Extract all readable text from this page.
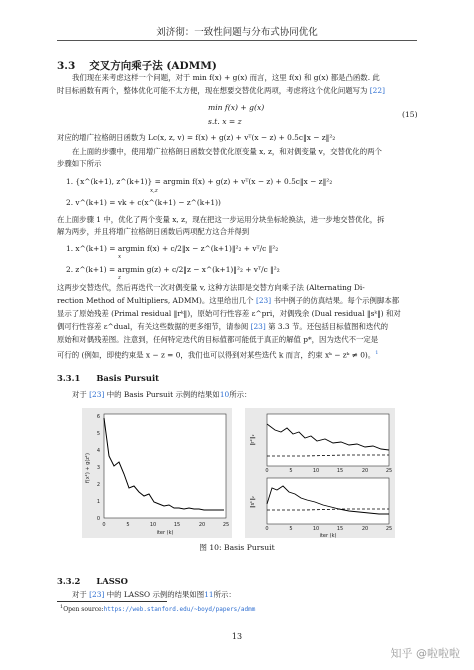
刘济彻：一致性问题与分布式协同优化
3.3 交叉方向乘子法 (ADMM)
我们现在来考虑这样一个问题，对于 min f(x) + g(x) 而言，这里 f(x) 和 g(x) 都是凸函数. 此
时目标函数有两个，整体优化可能不太方便，现在想要交替优化两项，考虑将这个优化问题写为 [22]
min f(x) + g(x)
s.t. x = z
(15)
对应的增广拉格朗日函数为 Lc(x, z, v) = f(x) + g(z) + vᵀ(x − z) + 0.5c‖x − z‖²₂
在上面的步骤中，使用增广拉格朗日函数交替优化原变量 x, z，和对偶变量 v，交替优化的两个
步骤如下所示
1. {x^(k+1), z^(k+1)} = argmin f(x) + g(z) + vᵀ(x − z) + 0.5c‖x − z‖²₂
x,z
2. v^(k+1) = vk + c(x^(k+1) − z^(k+1))
在上面步骤 1 中，优化了两个变量 x, z，现在把这一步运用分块坐标轮换法，进一步地交替优化，拆
解为两步，并且将增广拉格朗日函数后两项配方这合并得到
1. x^(k+1) = argmin f(x) + c/2‖x − z^(k+1)‖²₂ + vᵀ/c ‖²₂
x
2. z^(k+1) = argmin g(z) + c/2‖z − x^(k+1)‖²₂ + vᵀ/c ‖²₂
z
这两步交替迭代，然后再迭代一次对偶变量 v, 这种方法即是交替方向乘子法 (Alternating Di-
rection Method of Multipliers, ADMM)。这里给出几个 [23] 书中例子的仿真结果。每个示例脚本都
显示了原始残差 (Primal residual ‖rᵏ‖)，原始可行性容差 ε^pri，对偶残余 (Dual residual ‖sᵏ‖) 和对
偶可行性容差 ε^dual，有关这些数据的更多细节，请参阅 [23] 第 3.3 节。还包括目标值图和迭代的
原始和对偶残差图。注意到，任何特定迭代的目标值都可能低于真正的解值 p*，因为迭代不一定是
可行的 (例如，即使约束是 x − z = 0，我们也可以得到对某些迭代 k 而言，约束 xᵏ − zᵏ ≠ 0)。$^1$
3.3.1 Basis Pursuit
对于 [23] 中的 Basis Pursuit 示例的结果如10所示：
0	5	10	15	20	25
0
1
2
3
4
5
6
iter (k)
f(xᵏ) + g(zᵏ)	0	5	10	15	20	25
‖rᵏ‖₂
0	5	10	15	20	25
iter (k)
‖sᵏ‖₂
图 10: Basis Pursuit
3.3.2 LASSO
对于 [23] 中的 LASSO 示例的结果如图11所示：
$^1$Open source:https://web.stanford.edu/~boyd/papers/admm
13
知乎 @啦啦啦
